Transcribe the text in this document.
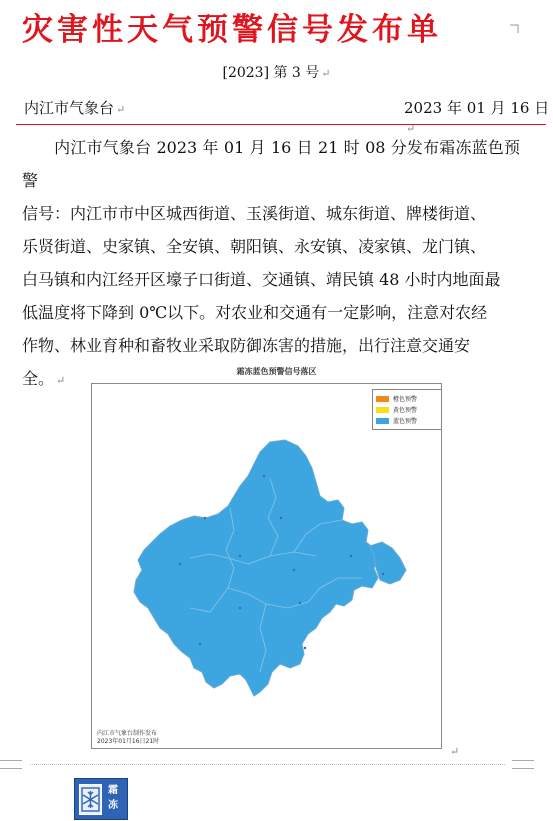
灾害性天气预警信号发布单
[2023] 第 3 号 ↵
内江市气象台 ↵	2023 年 01 月 16 日↵
内江市气象台 2023 年 01 月 16 日 21 时 08 分发布霜冻蓝色预警
信号：内江市市中区城西街道、玉溪街道、城东街道、牌楼街道、
乐贤街道、史家镇、全安镇、朝阳镇、永安镇、凌家镇、龙门镇、
白马镇和内江经开区壕子口街道、交通镇、靖民镇 48 小时内地面最
低温度将下降到 0℃以下。对农业和交通有一定影响，注意对农经
作物、林业育种和畜牧业采取防御冻害的措施，出行注意交通安
全。 ↵
霜冻蓝色预警信号落区
橙色预警
黄色预警
蓝色预警
内江市气象台制作发布
2023年01月16日21时
↵
霜
冻
